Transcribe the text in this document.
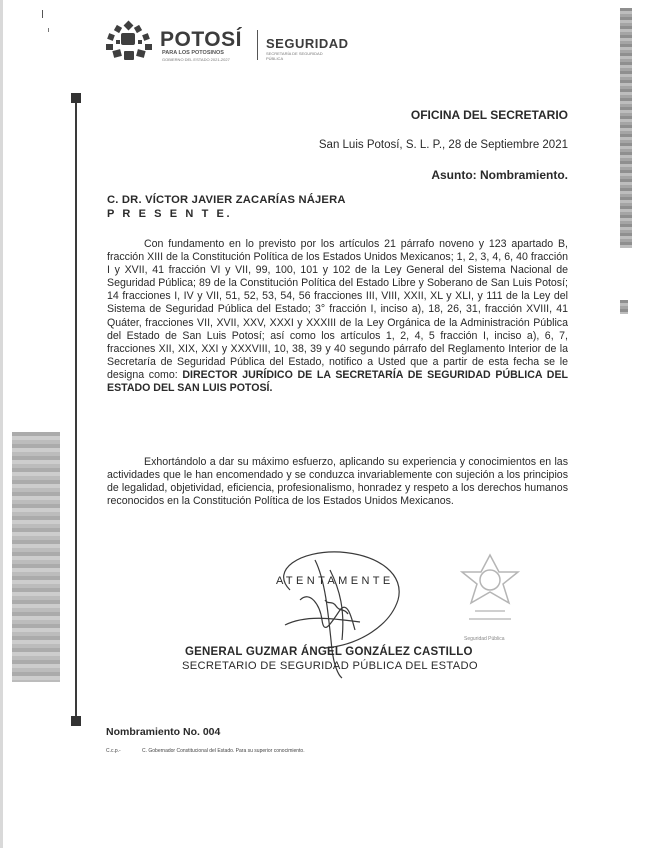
POTOSÍ
PARA LOS POTOSINOS
GOBIERNO DEL ESTADO 2021-2027
SEGURIDAD
SECRETARÍA DE SEGURIDAD PÚBLICA
OFICINA DEL SECRETARIO
San Luis Potosí, S. L. P., 28 de Septiembre 2021
Asunto: Nombramiento.
C. DR. VÍCTOR JAVIER ZACARÍAS NÁJERA
P R E S E N T E.
Con fundamento en lo previsto por los artículos 21 párrafo noveno y 123 apartado B, fracción XIII de la Constitución Política de los Estados Unidos Mexicanos; 1, 2, 3, 4, 6, 40 fracción I y XVII, 41 fracción VI y VII, 99, 100, 101 y 102 de la Ley General del Sistema Nacional de Seguridad Pública; 89 de la Constitución Política del Estado Libre y Soberano de San Luis Potosí; 14 fracciones I, IV y VII, 51, 52, 53, 54, 56 fracciones III, VIII, XXII, XL y XLI, y 111 de la Ley del Sistema de Seguridad Pública del Estado; 3° fracción I, inciso a), 18, 26, 31, fracción XVIII, 41 Quáter, fracciones VII, XVII, XXV, XXXI y XXXIII de la Ley Orgánica de la Administración Pública del Estado de San Luis Potosí; así como los artículos 1, 2, 4, 5 fracción I, inciso a), 6, 7, fracciones XII, XIX, XXI y XXXVIII, 10, 38, 39 y 40 segundo párrafo del Reglamento Interior de la Secretaría de Seguridad Pública del Estado, notifico a Usted que a partir de esta fecha se le designa como: DIRECTOR JURÍDICO DE LA SECRETARÍA DE SEGURIDAD PÚBLICA DEL ESTADO DEL SAN LUIS POTOSÍ.
Exhortándolo a dar su máximo esfuerzo, aplicando su experiencia y conocimientos en las actividades que le han encomendado y se conduzca invariablemente con sujeción a los principios de legalidad, objetividad, eficiencia, profesionalismo, honradez y respeto a los derechos humanos reconocidos en la Constitución Política de los Estados Unidos Mexicanos.
ATENTAMENTE
Seguridad Pública
GENERAL GUZMAR ÁNGEL GONZÁLEZ CASTILLO
SECRETARIO DE SEGURIDAD PÚBLICA DEL ESTADO
Nombramiento No. 004
C.c.p.-	C. Gobernador Constitucional del Estado. Para su superior conocimiento.
